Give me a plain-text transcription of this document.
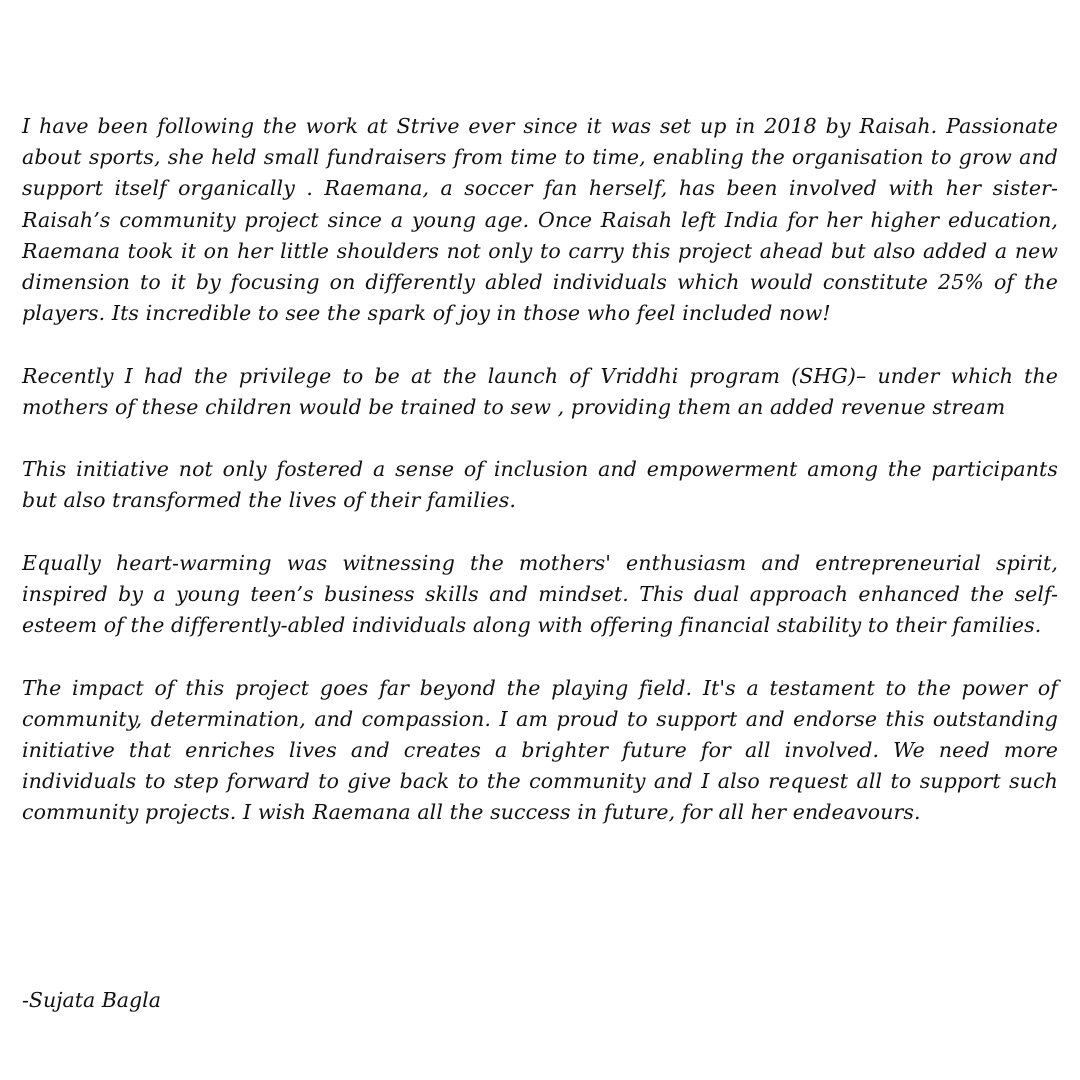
I have been following the work at Strive ever since it was set up in 2018 by Raisah. Passionate about sports, she held small fundraisers from time to time, enabling the organisation to grow and support itself organically . Raemana, a soccer fan herself, has been involved with her sister- Raisah’s community project since a young age. Once Raisah left India for her higher education, Raemana took it on her little shoulders not only to carry this project ahead but also added a new dimension to it by focusing on differently abled individuals which would constitute 25% of the players. Its incredible to see the spark of joy in those who feel included now!

Recently I had the privilege to be at the launch of Vriddhi program (SHG)– under which the mothers of these children would be trained to sew , providing them an added revenue stream

This initiative not only fostered a sense of inclusion and empowerment among the participants but also transformed the lives of their families.

Equally heart-warming was witnessing the mothers' enthusiasm and entrepreneurial spirit, inspired by a young teen’s business skills and mindset. This dual approach enhanced the self-esteem of the differently-abled individuals along with offering financial stability to their families.

The impact of this project goes far beyond the playing field. It's a testament to the power of community, determination, and compassion. I am proud to support and endorse this outstanding initiative that enriches lives and creates a brighter future for all involved. We need more individuals to step forward to give back to the community and I also request all to support such community projects. I wish Raemana all the success in future, for all her endeavours.

-Sujata Bagla
